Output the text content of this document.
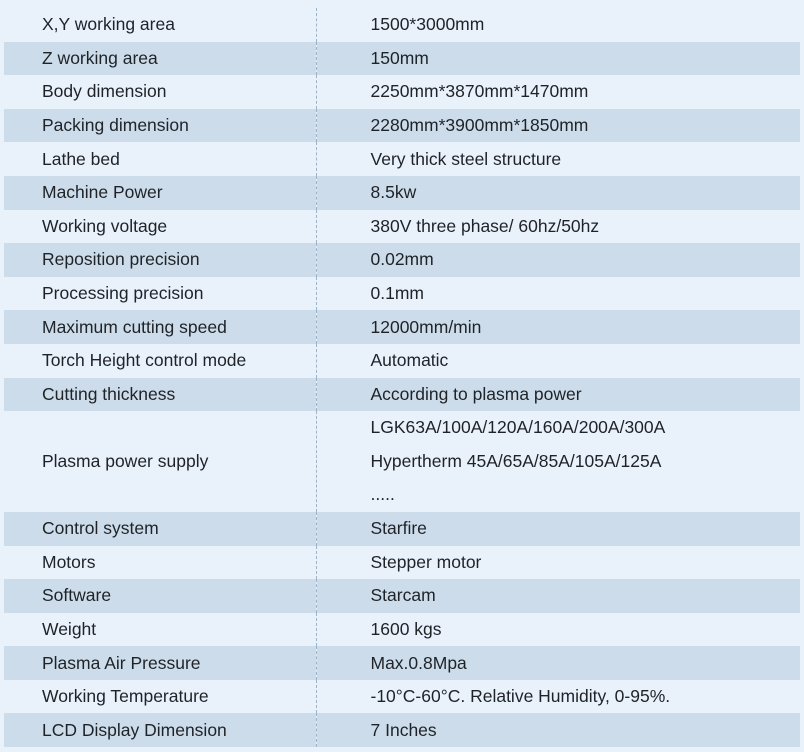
X,Y working area	1500*3000mm
Z working area	150mm
Body dimension	2250mm*3870mm*1470mm
Packing dimension	2280mm*3900mm*1850mm
Lathe bed	Very thick steel structure
Machine Power	8.5kw
Working voltage	380V three phase/ 60hz/50hz
Reposition precision	0.02mm
Processing precision	0.1mm
Maximum cutting speed	12000mm/min
Torch Height control mode	Automatic
Cutting thickness	According to plasma power
Plasma power supply	LGK63A/100A/120A/160A/200A/300A
Hypertherm 45A/65A/85A/105A/125A
.....

Control system	Starfire
Motors	Stepper motor
Software	Starcam
Weight	1600 kgs
Plasma Air Pressure	Max.0.8Mpa
Working Temperature	-10°C-60°C. Relative Humidity, 0-95%.
LCD Display Dimension	7 Inches
